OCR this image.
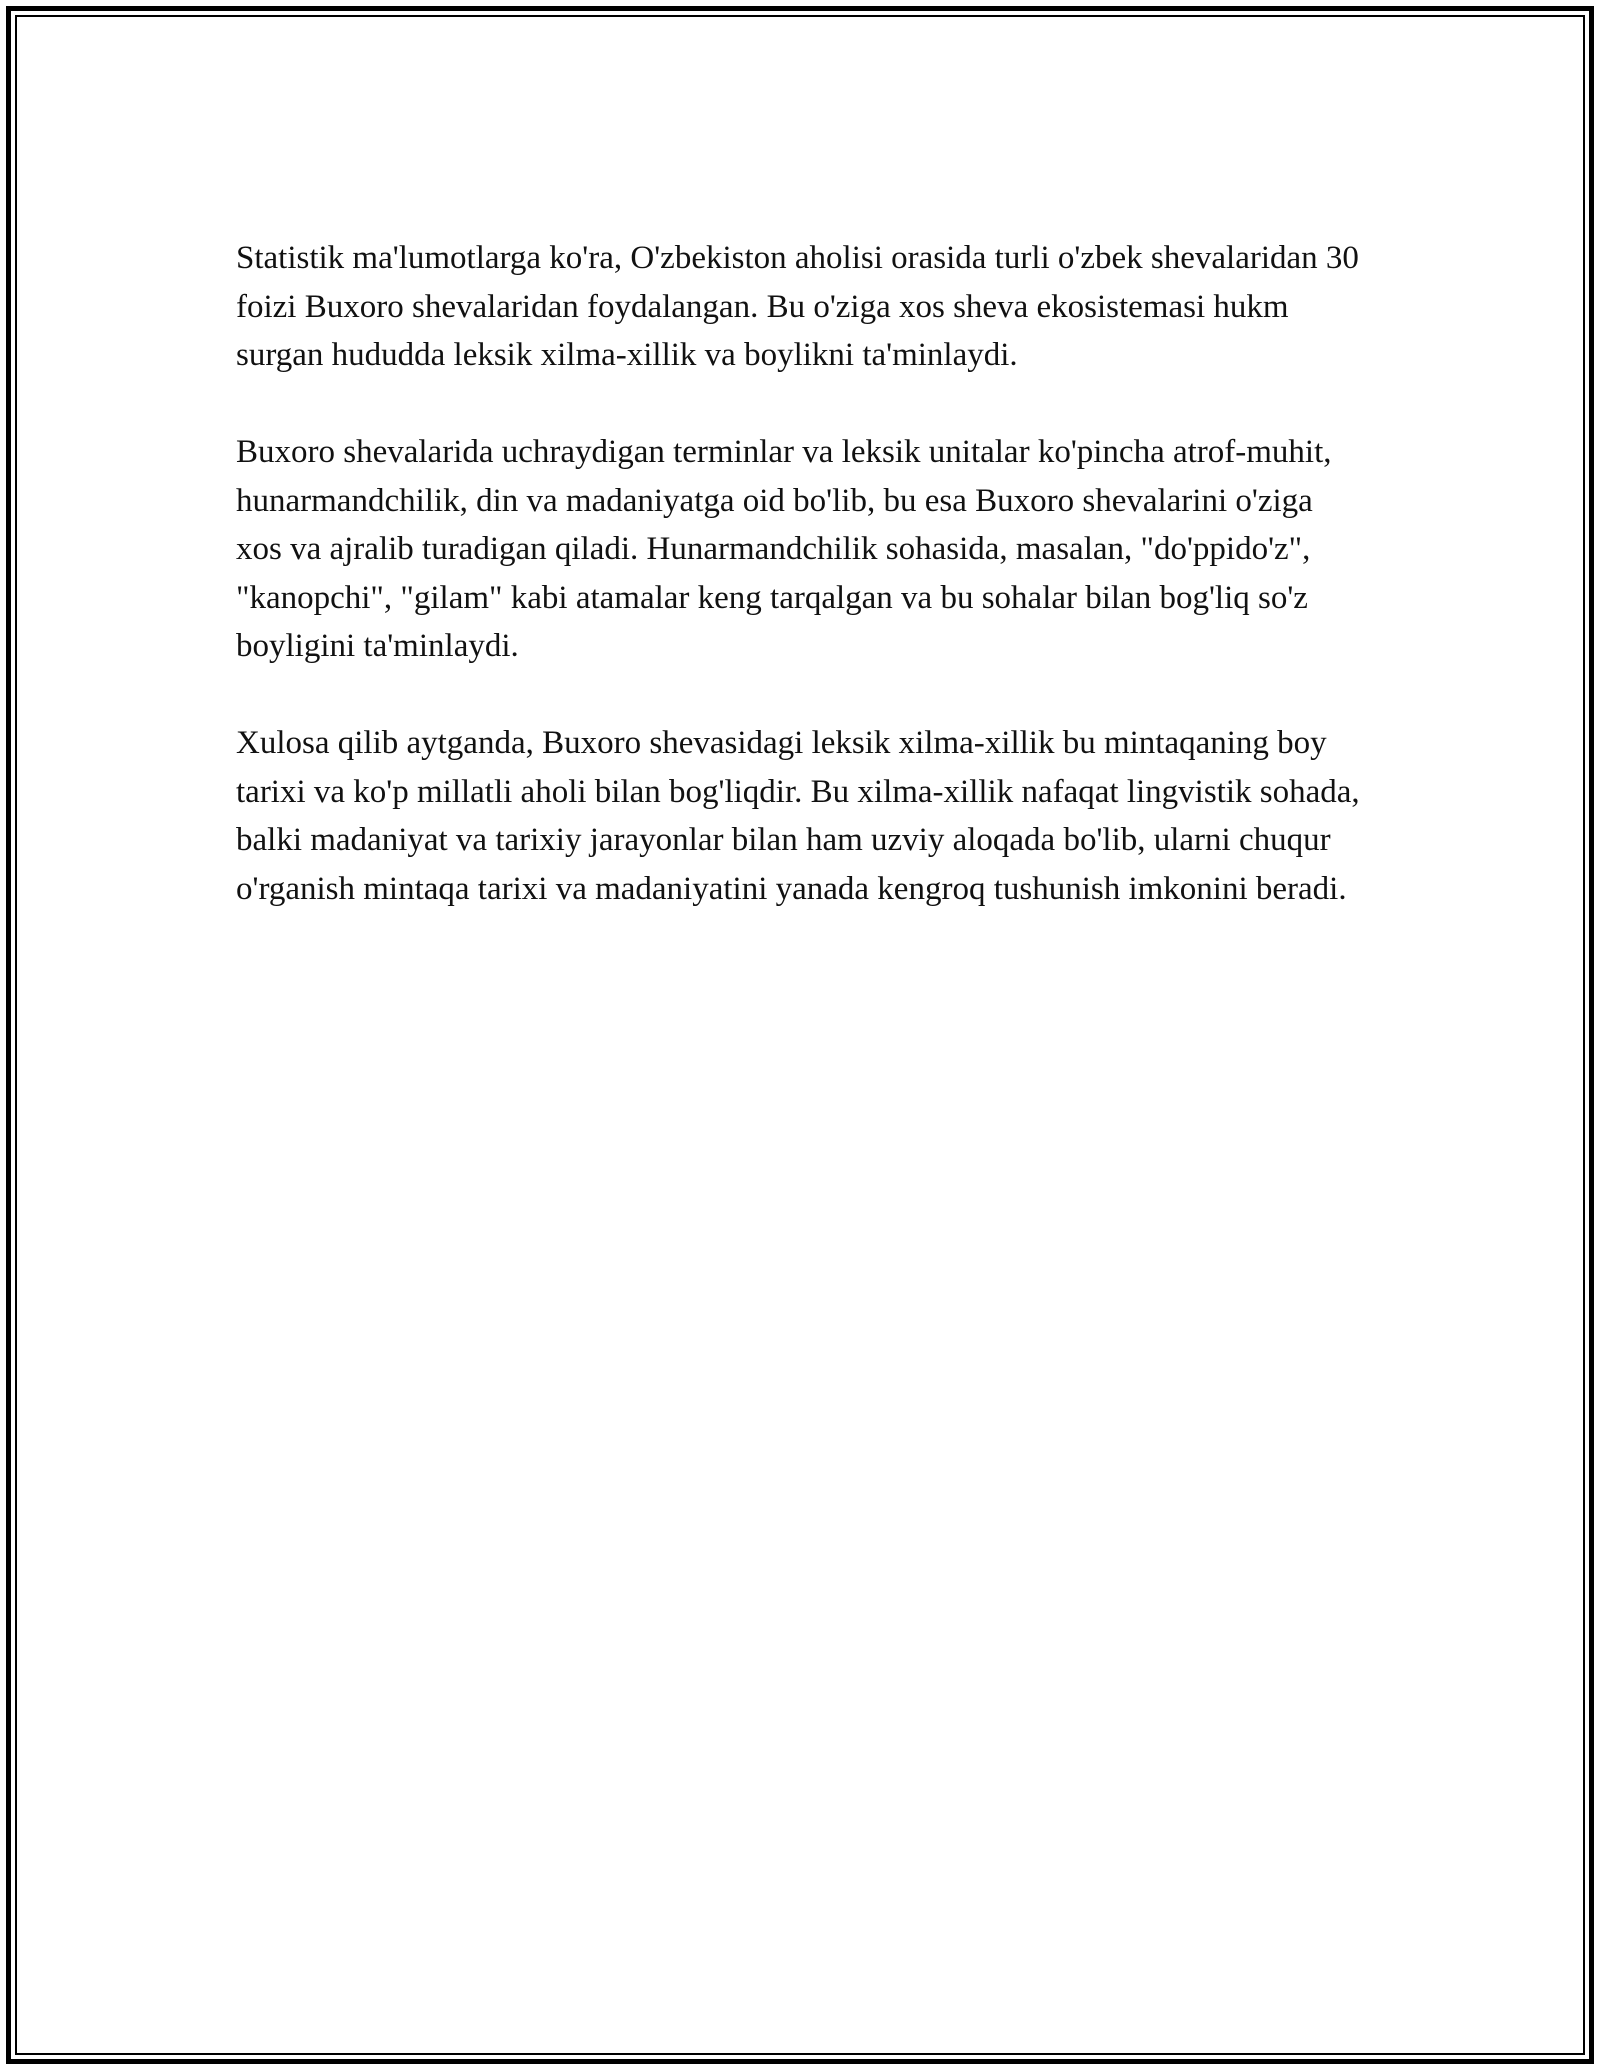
Statistik ma'lumotlarga ko'ra, O'zbekiston aholisi orasida turli o'zbek shevalaridan 30 foizi Buxoro shevalaridan foydalangan. Bu o'ziga xos sheva ekosistemasi hukm surgan hududda leksik xilma-xillik va boylikni ta'minlaydi.

Buxoro shevalarida uchraydigan terminlar va leksik unitalar ko'pincha atrof-muhit, hunarmandchilik, din va madaniyatga oid bo'lib, bu esa Buxoro shevalarini o'ziga xos va ajralib turadigan qiladi. Hunarmandchilik sohasida, masalan, "do'ppido'z", "kanopchi", "gilam" kabi atamalar keng tarqalgan va bu sohalar bilan bog'liq so'z boyligini ta'minlaydi.

Xulosa qilib aytganda, Buxoro shevasidagi leksik xilma-xillik bu mintaqaning boy tarixi va ko'p millatli aholi bilan bog'liqdir. Bu xilma-xillik nafaqat lingvistik sohada, balki madaniyat va tarixiy jarayonlar bilan ham uzviy aloqada bo'lib, ularni chuqur o'rganish mintaqa tarixi va madaniyatini yanada kengroq tushunish imkonini beradi.
